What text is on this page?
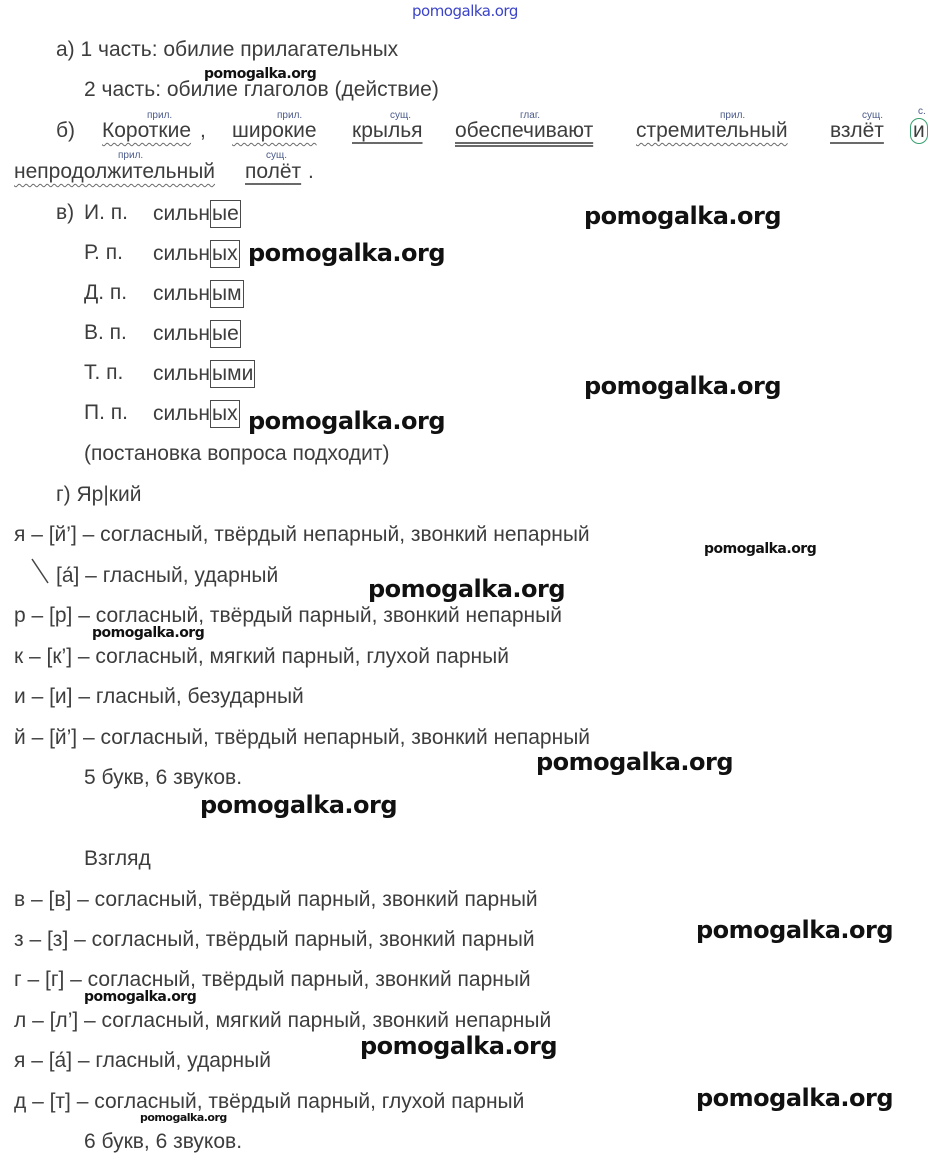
pomogalka.org
а) 1 часть: обилие прилагательных
pomogalka.org
2 часть: обилие глаголов (действие)
прил.	прил.	сущ.	глаг.	прил.	сущ.	с.
б) Короткие , широкие крылья обеспечивают стремительный взлёт и
прил.	сущ.
непродолжительный полёт .
в) И. п. сильные
Р. п. сильных
Д. п. сильным
В. п. сильные
Т. п. сильными
П. п. сильных
(постановка вопроса подходит)
pomogalka.org
pomogalka.org
pomogalka.org
pomogalka.org
г) Яр|кий
я – [й’] – согласный, твёрдый непарный, звонкий непарный
[а́] – гласный, ударный
р – [р] – согласный, твёрдый парный, звонкий непарный
к – [к’] – согласный, мягкий парный, глухой парный
и – [и] – гласный, безударный
й – [й’] – согласный, твёрдый непарный, звонкий непарный
5 букв, 6 звуков.
pomogalka.org
pomogalka.org
pomogalka.org
pomogalka.org
pomogalka.org
Взгляд
в – [в] – согласный, твёрдый парный, звонкий парный
з – [з] – согласный, твёрдый парный, звонкий парный
г – [г] – согласный, твёрдый парный, звонкий парный
л – [л’] – согласный, мягкий парный, звонкий непарный
я – [а́] – гласный, ударный
д – [т] – согласный, твёрдый парный, глухой парный
6 букв, 6 звуков.
pomogalka.org
pomogalka.org
pomogalka.org
pomogalka.org
pomogalka.org
